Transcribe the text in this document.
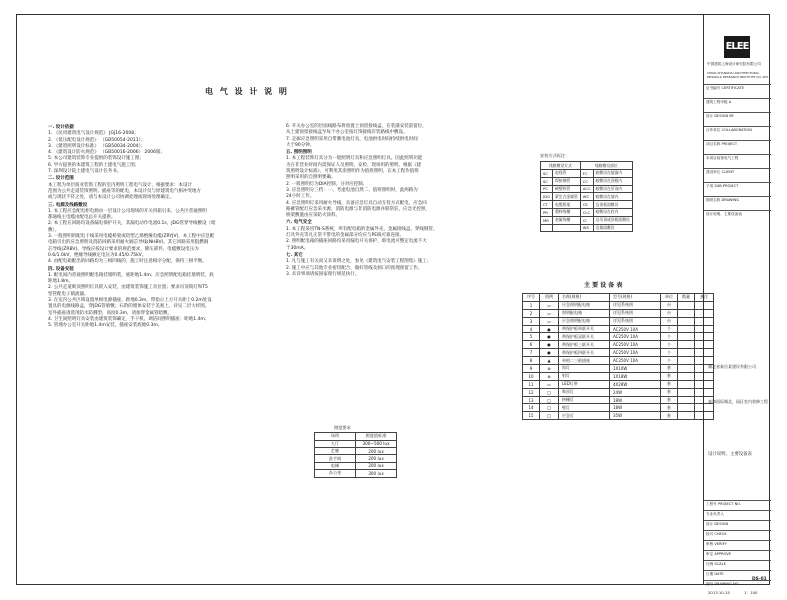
电 气 设 计 说 明
一. 设计依据
1. 《民用建筑电气设计规范》 JGJ16-2008；
2. 《低压配电设计规范》 （GB50054-2011）；
3. 《建筑照明设计标准》 （GB50034-2004）；
4. 《建筑设计防火规范》 （GB50016-2006） 2006版；
5. 本公司建筑装饰专业提供的装饰设计施工图；
6. 甲方提供的本建筑工程的土建电气施工图；
7. 深圳设计院土建电气设计任务书。
二. 设计范围
本工程为单层商业装饰工程的室内照明工程电气设计，根据要求：本设计
范围为公共走道装饰照明、插座等的配电，本设计仅与原建筑电气相冲突地方
或与现状不符之处，请与本设计公司协调处理或现场处理确定。
三. 电源及线路敷设
1. 本工程应急配电柜电源由一层设计公司现场的开关用箱引来，公共区普通照明
都通线主电缆由配电总开关提供。
2. 本工程在回路均设备漏电保护开关，其漏电动作电流0.1s，JDG管穿导线敷设（暗
敷）。
3. 一般照明的配电干线采用电缆桥架或铝塑乙烯绝缘电缆(ZRYJV)，本工程中应急配
电箱引出的应急照明及消防回路采用耐火铜芯导线(NHBV)。其它回路采用阻燃铜
芯导线(ZRBV)。导线应按设计要求的规范要求，降压部件，电缆敷设电压为
0.6/1.0kV，绝缘导线额定电压为0.45/0.75kV。
4. 由配电箱配出的回路均为三相四线的，施工时注意相序分配，保持三相平衡。
四. 设备安装
1. 配电间内普通照明配电箱挂墙明装，底距地1.4m；应急照明配电箱挂墙明装，底
距地1.8m。
2. 公共走道吸顶照明灯具嵌入安装，由建筑装饰施工具位置；要求吊顶筒灯和T5
型管配电子镇流器。
3. 在室内公共区域设置单相电源插座，距地0.3m，带指示上方开关距上0.2m处设
置具的电源线路盒，穿JDG管暗敷；石阶的墙体安装于美观上，详见二层大样图。
室外插座请选用防水防溅型，高度0.3m，请加穿金属管暗敷。
4. 卫生间照明灯具安装由建筑装饰确定，手干机、调洁间照明插座：距地1.4m；
5. 管理办公室开关距地1.4m安装，插座安装底地0.3m。
6. 开关办公室的层面线路布将放置土预留接线盒，在装潢安装前留位，
从土建预留接线盒至每个办公室按灯饰接线有装路线中敷设。
7. 走廊应急照明采用自带蓄电池灯具，电池供电时间持续供电时间
大于90分钟。
五. 照明照明
1. 本工程装饰灯具分为一般照明灯具和应急照明灯具。因此照明功能
为在非营业时间内需保证人员照明、安检、现场用的照明，根据《建
筑照明设计标准》，可利用其余照明作为值班照明，在本工程作值班
照明采用的自照明要确。
2. 一般照明灯为DIA控制，分对应控制。
3. 应急照明分三档：一、考虑电池自然二、值班照明时，此两路为
24小时工作。
4. 应急照明灯采用耐火导线，具备应急灯具自动互投方式配电，应急回
路蓄管配灯应急采水源、消防电源与非消防电源并联常驻，应急光控照，
桥架敷施由应采防火涂料。
六. 电气安全
1. 本工程采用TN-S系统，所有配电箱的金属外壳、金属接线盒、穿线钢管、
灯具外壳等凡正常不带电的金属部分均应与PE线可靠连接。
2. 照明配电箱的插座回路均采用漏电开关保护，即电流可整定电流不大
于30mA。
七. 其它
1. 凡与施工有关而又未说明之处，参见《建筑电气安装工程图集》施工；
2. 施工中应与其他专业密切配合，做好管线及洞口的预埋预留工作。
3. 未详事项请按国家现行规范执行。
照度要求
场所	照度值标准
大厅	300~500 lux
走廊	200 lux
洗手间	200 lux
电梯	200 lux
办公室	300 lux
安装方式标注：
线路敷设方式		线路敷设部位	
SC	电线管	FC	暗敷设在地面内
SC	焊接钢管	CC	暗敷设在顶板内
PC	硬塑料管	ACC	暗敷设在吊顶内
JDG	紧定式金属管	WC	暗敷设在墙内
CT	电缆桥架	CE	沿顶板面敷设
PR	塑料线槽	CLC	暗敷设在柱内
MR	金属线槽	CI	沿吊顶或顶板面敷设
		WS	沿墙面敷设
主 要 设 备 表
序号	图例	名称(规格)	型号(规格)	单位	数量	备注
1	▭	应急照明配电箱	详见系统图	台		
2	▭	照明配电箱	详见系统图	台		
3	▭	应急照明配电箱	详见系统图	台		
4	●	带保护板单联开关	AC250V 10A	个		
5	●	带保护板双联开关	AC250V 10A	个		
6	●	带保护板三联开关	AC250V 10A	个		
7	●	带保护板四联开关	AC250V 10A	个		
8	▲	单相二三极插座	AC250V 10A	个		
9	⊗	筒灯	1X10W	套		
10	⊗	射灯	1X18W	套		
11	▭	LED灯带	4X28W	套		
12	◯	吸顶灯	24W	套		
13	◯	格栅灯	18W	套		
14	◯	壁灯	18W	套		
15	◯	应急灯	35W	套		
ELEE
中国建筑上海设计研究院有限公司
CHINA SHANGHAI ARCHITECTURAL DESIGN & RESEARCH INSTITUTE CO.,LTD.
证书编号 CERTIFICATE
建筑工程甲级 A
设计 DESIGN BY
合作单位 COLLABORATION
项目名称 PROJECT
本项目装饰电气工程
建设单位 CLIENT
子项 SUB-PROJECT
图纸名称 DRAWING
设计说明、主要设备表
工程号 PROJECT NO.
专业负责人
设计 DESIGN
校对 CHECK
审核 VERIFY
审定 APPROVE
比例 SCALE
日期 DATE
图号 DRAWING NO.
湖北省泰岳某建设有限公司
泰和国际城北、园区室内装修工程
设计说明、主要设备表
2013.10.15	1：100
DS-01
